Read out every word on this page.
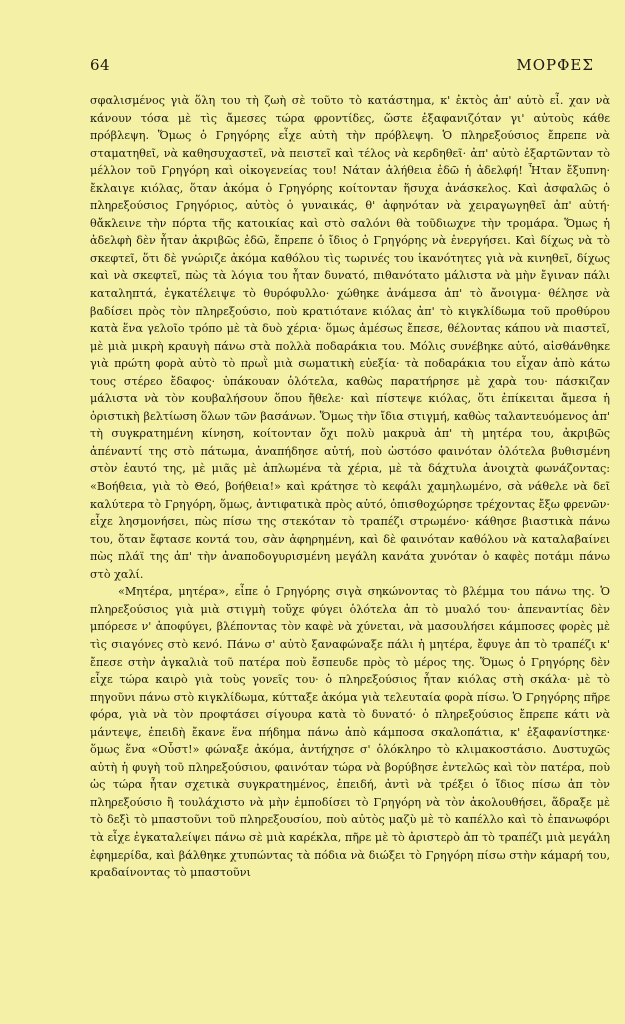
64	ΜΟΡΦΕΣ

σφαλισμένος γιὰ ὅλη του τὴ ζωὴ σὲ τοῦτο τὸ κατάστημα, κ' ἐκτὸς ἀπ' αὐτὸ εἶ. χαν νὰ κάνουν τόσα μὲ τὶς ἄμεσες τώρα φροντίδες, ὥστε ἐξαφανιζόταν γι' αὐτοὺς κάθε πρόβλεψη. Ὅμως ὁ Γρηγόρης εἶχε αὐτὴ τὴν πρόβλεψη. Ὁ πληρεξούσιος ἔπρεπε νὰ σταματηθεῖ, νὰ καθησυχαστεῖ, νὰ πειστεῖ καὶ τέλος νὰ κερδηθεῖ· ἀπ' αὐτὸ ἐξαρτῶνταν τὸ μέλλον τοῦ Γρηγόρη καὶ οἰκογενείας του! Νάταν ἀλήθεια ἐδῶ ἡ ἀδελφή! Ἦταν ἔξυπνη· ἔκλαιγε κιόλας, ὅταν ἀκόμα ὁ Γρηγόρης κοίτονταν ἥσυχα ἀνάσκελος. Καὶ ἀσφαλῶς ὁ πληρεξούσιος Γρηγόριος, αὐτὸς ὁ γυναικάς, θ' ἀφηνόταν νὰ χειραγωγηθεῖ ἀπ' αὐτή· θἄκλεινε τὴν πόρτα τῆς κατοικίας καὶ στὸ σαλόνι θὰ τοῦδιωχνε τὴν τρομάρα. Ὅμως ἡ ἀδελφὴ δὲν ἦταν ἀκριβῶς ἐδῶ, ἔπρεπε ὁ ἴδιος ὁ Γρηγόρης νὰ ἐνεργήσει. Καὶ δίχως νὰ τὸ σκεφτεῖ, ὅτι δὲ γνώριζε ἀκόμα καθόλου τὶς τωρινές του ἱκανότητες γιὰ νὰ κινηθεῖ, δίχως καὶ νὰ σκεφτεῖ, πὼς τὰ λόγια του ἦταν δυνατό, πιθανότατο μάλιστα νὰ μὴν ἔγιναν πάλι καταληπτά, ἐγκατέλειψε τὸ θυρόφυλλο· χώθηκε ἀνάμεσα ἀπ' τὸ ἄνοιγμα· θέλησε νὰ βαδίσει πρὸς τὸν πληρεξούσιο, ποὺ κρατιότανε κιόλας ἀπ' τὸ κιγκλίδωμα τοῦ προθύρου κατὰ ἕνα γελοῖο τρόπο μὲ τὰ δυὸ χέρια· ὅμως ἀμέσως ἔπεσε, θέλοντας κάπου νὰ πιαστεῖ, μὲ μιὰ μικρὴ κραυγὴ πάνω στὰ πολλὰ ποδαράκια του. Μόλις συνέβηκε αὐτό, αἰσθάνθηκε γιὰ πρώτη φορὰ αὐτὸ τὸ πρωῒ μιὰ σωματικὴ εὐεξία· τὰ ποδαράκια του εἶχαν ἀπὸ κάτω τους στέρεο ἔδαφος· ὑπάκουαν ὁλότελα, καθὼς παρατήρησε μὲ χαρὰ του· πάσκιζαν μάλιστα νὰ τὸν κουβαλήσουν ὅπου ἤθελε· καὶ πίστεψε κιόλας, ὅτι ἐπίκειται ἄμεσα ἡ ὁριστικὴ βελτίωση ὅλων τῶν βασάνων. Ὅμως τὴν ἴδια στιγμή, καθὼς ταλαντευόμενος ἀπ' τὴ συγκρατημένη κίνηση, κοίτονταν ὄχι πολὺ μακρυὰ ἀπ' τὴ μητέρα του, ἀκριβῶς ἀπέναντί της στὸ πάτωμα, ἀναπήδησε αὐτή, ποὺ ὡστόσο φαινόταν ὁλότελα βυθισμένη στὸν ἑαυτό της, μὲ μιᾶς μὲ ἁπλωμένα τὰ χέρια, μὲ τὰ δάχτυλα ἀνοιχτὰ φωνάζοντας: «Βοήθεια, γιὰ τὸ Θεό, βοήθεια!» καὶ κράτησε τὸ κεφάλι χαμηλωμένο, σὰ νάθελε νὰ δεῖ καλύτερα τὸ Γρηγόρη, ὅμως, ἀντιφατικὰ πρὸς αὐτό, ὀπισθοχώρησε τρέχοντας ἔξω φρενῶν· εἶχε λησμονήσει, πὼς πίσω της στεκόταν τὸ τραπέζι στρωμένο· κάθησε βιαστικὰ πάνω του, ὅταν ἔφτασε κοντά του, σὰν ἀφηρημένη, καὶ δὲ φαινόταν καθόλου νὰ καταλαβαίνει πὼς πλάϊ της ἀπ' τὴν ἀναποδογυρισμένη μεγάλη κανάτα χυνόταν ὁ καφὲς ποτάμι πάνω στὸ χαλί.

«Μητέρα, μητέρα», εἶπε ὁ Γρηγόρης σιγὰ σηκώνοντας τὸ βλέμμα του πάνω της. Ὁ πληρεξούσιος γιὰ μιὰ στιγμὴ τοὔχε φύγει ὁλότελα ἀπ τὸ μυαλό του· ἀπεναντίας δὲν μπόρεσε ν' ἀποφύγει, βλέποντας τὸν καφὲ νὰ χύνεται, νὰ μασουλήσει κάμποσες φορὲς μὲ τὶς σιαγόνες στὸ κενό. Πάνω σ' αὐτὸ ξαναφώναξε πάλι ἡ μητέρα, ἔφυγε ἀπ τὸ τραπέζι κ' ἔπεσε στὴν ἀγκαλιὰ τοῦ πατέρα ποὺ ἔσπευδε πρὸς τὸ μέρος της. Ὅμως ὁ Γρηγόρης δὲν εἶχε τώρα καιρὸ γιὰ τοὺς γονεῖς του· ὁ πληρεξούσιος ἦταν κιόλας στὴ σκάλα· μὲ τὸ πηγοῦνι πάνω στὸ κιγκλίδωμα, κύτταξε ἀκόμα γιὰ τελευταία φορὰ πίσω. Ὁ Γρηγόρης πῆρε φόρα, γιὰ νὰ τὸν προφτάσει σίγουρα κατὰ τὸ δυνατό· ὁ πληρεξούσιος ἔπρεπε κάτι νὰ μάντεψε, ἐπειδὴ ἔκανε ἕνα πήδημα πάνω ἀπὸ κάμποσα σκαλοπάτια, κ' ἐξαφανίστηκε· ὅμως ἕνα «Οὖστ!» φώναξε ἀκόμα, ἀντήχησε σ' ὁλόκληρο τὸ κλιμακοστάσιο. Δυστυχῶς αὐτὴ ἡ φυγὴ τοῦ πληρεξούσιου, φαινόταν τώρα νὰ βορύβησε ἐντελῶς καὶ τὸν πατέρα, ποὺ ὡς τώρα ἦταν σχετικὰ συγκρατημένος, ἐπειδή, ἀντὶ νὰ τρέξει ὁ ἴδιος πίσω ἀπ τὸν πληρεξούσιο ἢ τουλάχιστο νὰ μὴν ἐμποδίσει τὸ Γρηγόρη νὰ τὸν ἀκολουθήσει, ἅδραξε μὲ τὸ δεξὶ τὸ μπαστοῦνι τοῦ πληρεξουσίου, ποὺ αὐτὸς μαζὺ μὲ τὸ καπέλλο καὶ τὸ ἐπανωφόρι τὰ εἶχε ἐγκαταλείψει πάνω σὲ μιὰ καρέκλα, πῆρε μὲ τὸ ἀριστερὸ ἀπ τὸ τραπέζι μιὰ μεγάλη ἐφημερίδα, καὶ βάλθηκε χτυπώντας τὰ πόδια νὰ διώξει τὸ Γρηγόρη πίσω στὴν κάμαρή του, κραδαίνοντας τὸ μπαστοῦνι
